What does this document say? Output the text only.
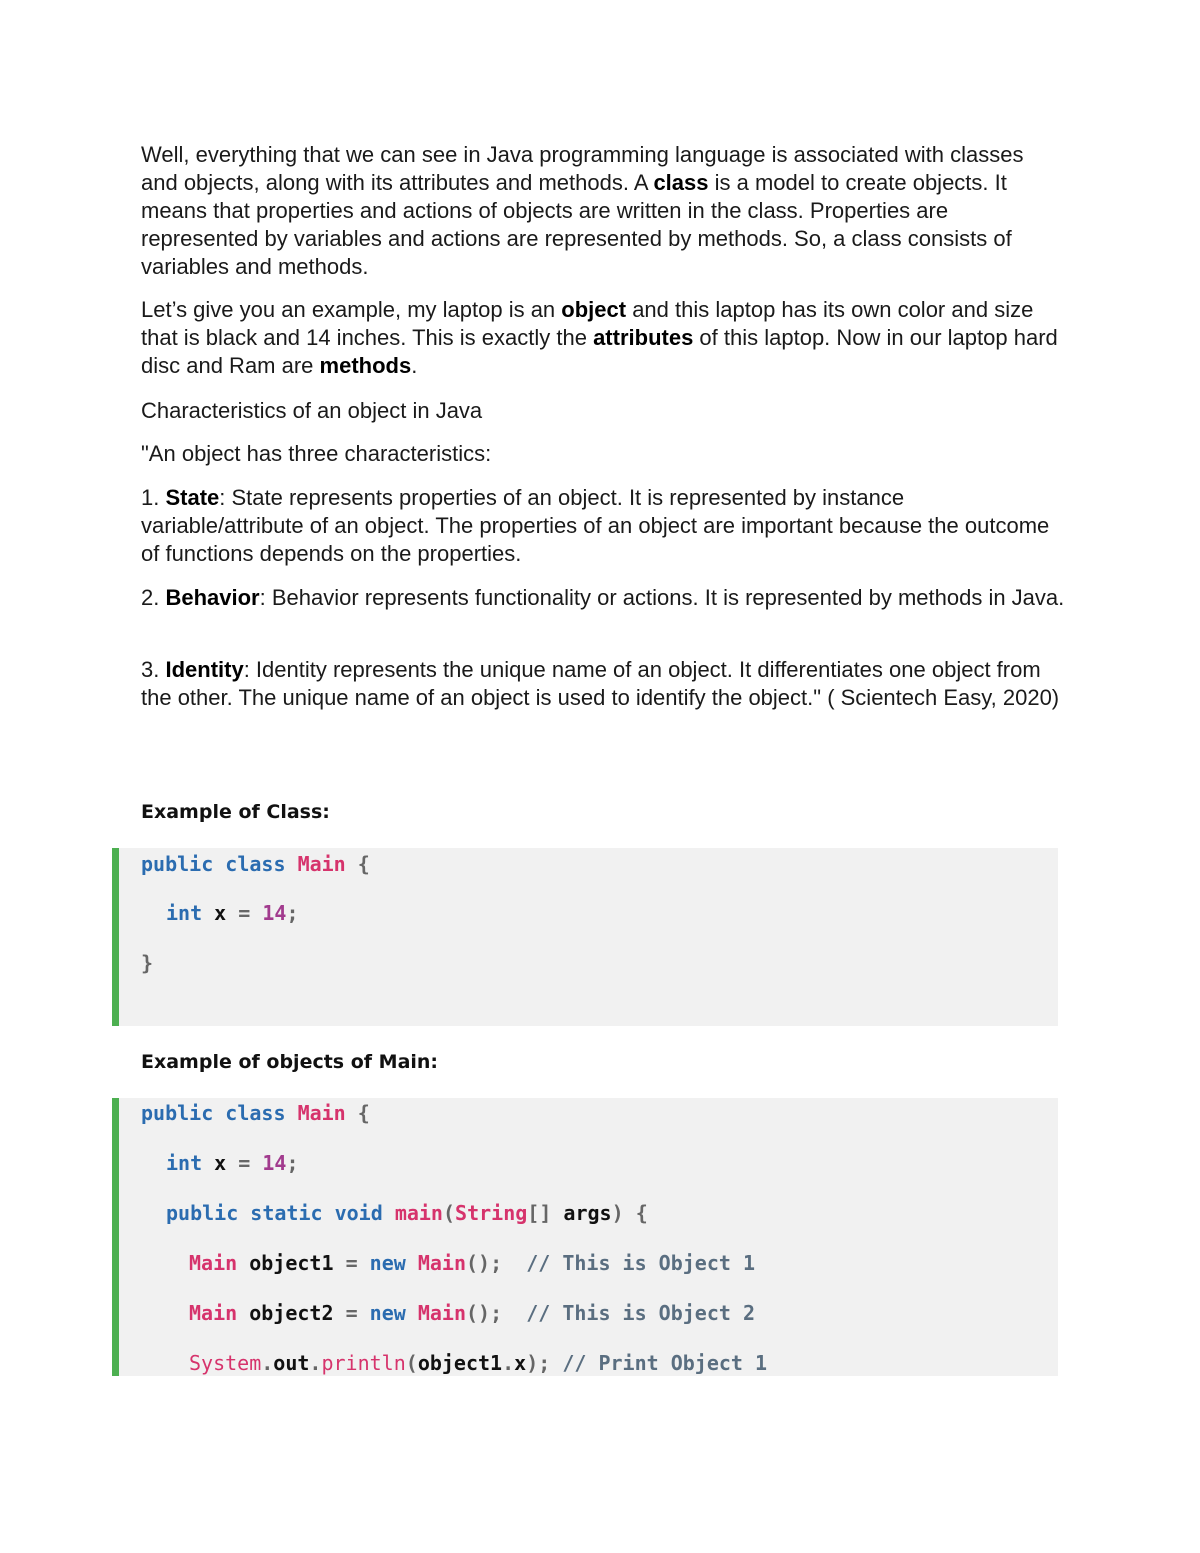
Well, everything that we can see in Java programming language is associated with classes and objects, along with its attributes and methods. A class is a model to create objects. It means that properties and actions of objects are written in the class. Properties are represented by variables and actions are represented by methods. So, a class consists of variables and methods.

Let’s give you an example, my laptop is an object and this laptop has its own color and size that is black and 14 inches. This is exactly the attributes of this laptop. Now in our laptop hard disc and Ram are methods.

Characteristics of an object in Java

"An object has three characteristics:

1. State: State represents properties of an object. It is represented by instance variable/attribute of an object. The properties of an object are important because the outcome of functions depends on the properties.

2. Behavior: Behavior represents functionality or actions. It is represented by methods in Java.

3. Identity: Identity represents the unique name of an object. It differentiates one object from the other. The unique name of an object is used to identify the object." ( Scientech Easy, 2020)

Example of Class:

public class Main {
int x = 14;
}

Example of objects of Main:

public class Main {
int x = 14;
public static void main(String[] args) {
Main object1 = new Main(); // This is Object 1
Main object2 = new Main(); // This is Object 2
System.out.println(object1.x); // Print Object 1
